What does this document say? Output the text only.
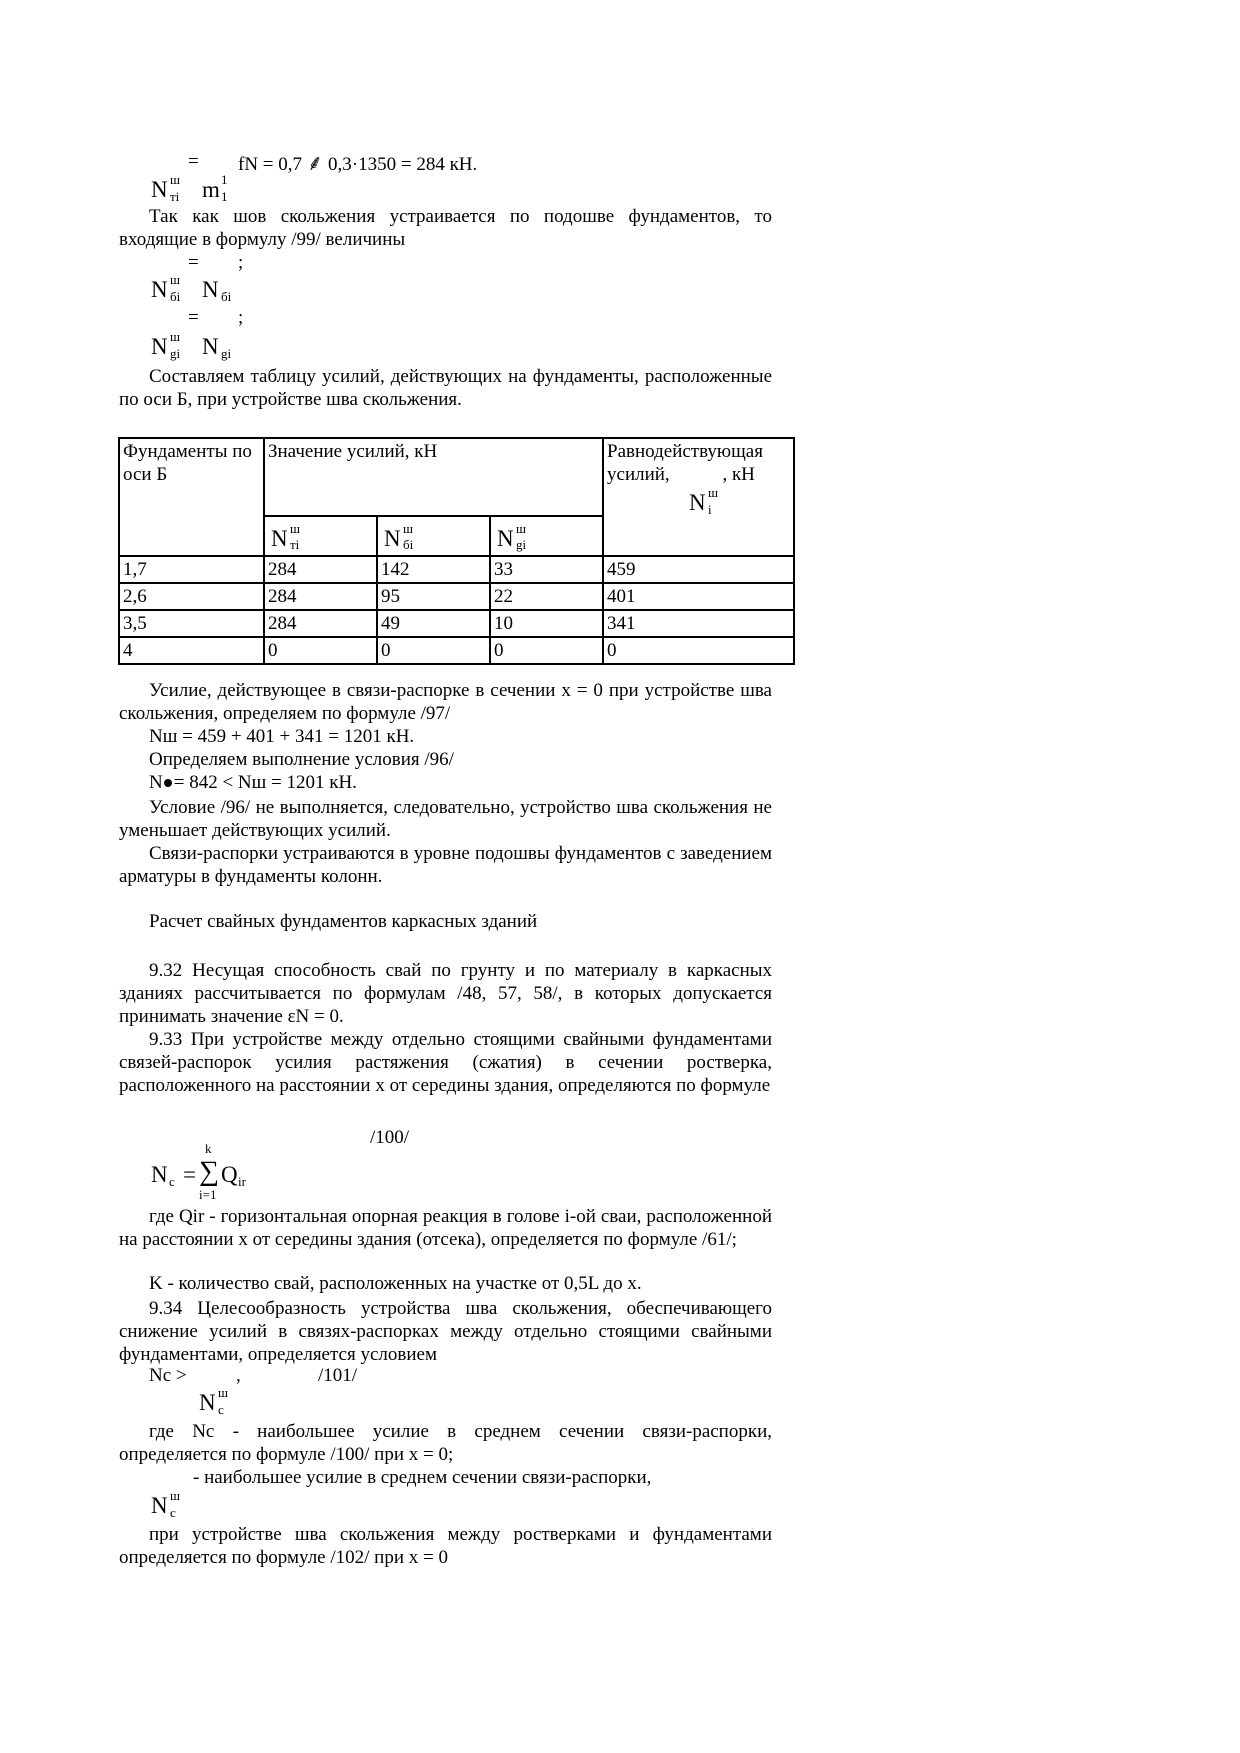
= fN = 0,7 ⸙ 0,3·1350 = 284 кН.
N ш
тi m 1
1
Так как шов скольжения устраивается по подошве фундаментов, то входящие в формулу /99/ величины
= ;
N ш
бi N бi
= ;
N ш
gi N gi
Составляем таблицу усилий, действующих на фундаменты, расположенные по оси Б, при устройстве шва скольжения.
Фундаменты по оси Б	Значение усилий, кН			Равнодействующая усилий, , кН
N ш
i

	N ш
тi	N ш
бi	N ш
gi	

1,7	284	142	33	459
2,6	284	95	22	401
3,5	284	49	10	341
4	0	0	0	0
Усилие, действующее в связи-распорке в сечении x = 0 при устройстве шва скольжения, определяем по формуле /97/
Nш = 459 + 401 + 341 = 1201 кН.
Определяем выполнение условия /96/
N = 842 < Nш = 1201 кН.
Условие /96/ не выполняется, следовательно, устройство шва скольжения не уменьшает действующих усилий.
Связи-распорки устраиваются в уровне подошвы фундаментов с заведением арматуры в фундаменты колонн.
Расчет свайных фундаментов каркасных зданий
9.32 Несущая способность свай по грунту и по материалу в каркасных зданиях рассчитывается по формулам /48, 57, 58/, в которых допускается принимать значение εN = 0.
9.33 При устройстве между отдельно стоящими свайными фундаментами связей-распорок усилия растяжения (сжатия) в сечении ростверка, расположенного на расстоянии x от середины здания, определяются по формуле
/100/
k
N c = ∑ Q ir
i=1
где Qir - горизонтальная опорная реакция в голове i-ой сваи, расположенной на расстоянии x от середины здания (отсека), определяется по формуле /61/;
K - количество свай, расположенных на участке от 0,5L до x.
9.34 Целесообразность устройства шва скольжения, обеспечивающего снижение усилий в связях-распорках между отдельно стоящими свайными фундаментами, определяется условием
Nc >	,	/101/
N ш
c
где Nc - наибольшее усилие в среднем сечении связи-распорки, определяется по формуле /100/ при x = 0;
- наибольшее усилие в среднем сечении связи-распорки,
N ш
c
при устройстве шва скольжения между ростверками и фундаментами определяется по формуле /102/ при x = 0
